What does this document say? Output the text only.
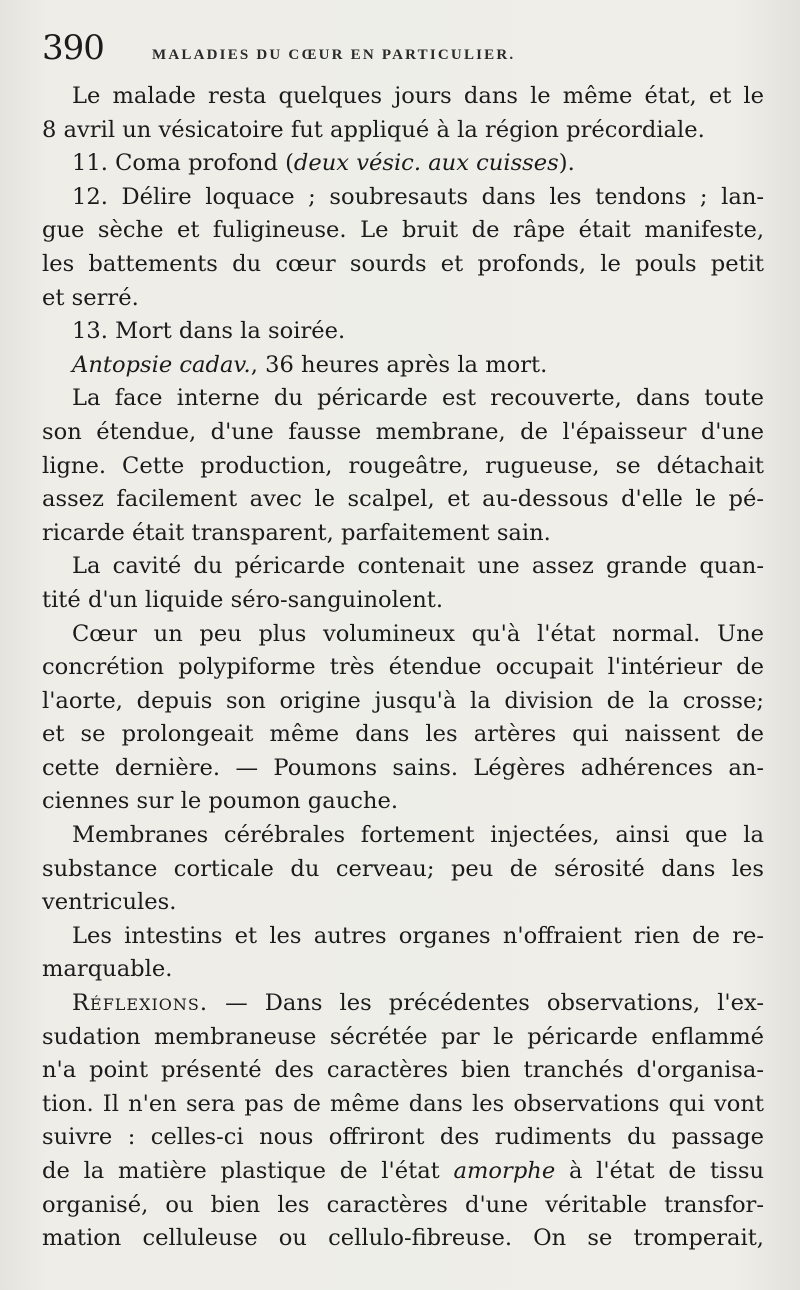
390	MALADIES DU CŒUR EN PARTICULIER.
Le malade resta quelques jours dans le même état, et le
8 avril un vésicatoire fut appliqué à la région précordiale.
11. Coma profond (deux vésic. aux cuisses).
12. Délire loquace ; soubresauts dans les tendons ; lan-
gue sèche et fuligineuse. Le bruit de râpe était manifeste,
les battements du cœur sourds et profonds, le pouls petit
et serré.
13. Mort dans la soirée.
Antopsie cadav., 36 heures après la mort.
La face interne du péricarde est recouverte, dans toute
son étendue, d'une fausse membrane, de l'épaisseur d'une
ligne. Cette production, rougeâtre, rugueuse, se détachait
assez facilement avec le scalpel, et au-dessous d'elle le pé-
ricarde était transparent, parfaitement sain.
La cavité du péricarde contenait une assez grande quan-
tité d'un liquide séro-sanguinolent.
Cœur un peu plus volumineux qu'à l'état normal. Une
concrétion polypiforme très étendue occupait l'intérieur de
l'aorte, depuis son origine jusqu'à la division de la crosse;
et se prolongeait même dans les artères qui naissent de
cette dernière. — Poumons sains. Légères adhérences an-
ciennes sur le poumon gauche.
Membranes cérébrales fortement injectées, ainsi que la
substance corticale du cerveau; peu de sérosité dans les
ventricules.
Les intestins et les autres organes n'offraient rien de re-
marquable.
Réflexions. — Dans les précédentes observations, l'ex-
sudation membraneuse sécrétée par le péricarde enflammé
n'a point présenté des caractères bien tranchés d'organisa-
tion. Il n'en sera pas de même dans les observations qui vont
suivre : celles-ci nous offriront des rudiments du passage
de la matière plastique de l'état amorphe à l'état de tissu
organisé, ou bien les caractères d'une véritable transfor-
mation celluleuse ou cellulo-fibreuse. On se tromperait,
